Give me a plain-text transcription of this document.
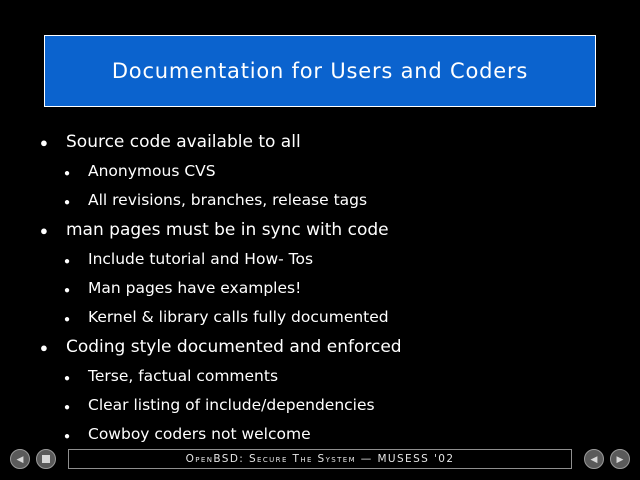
Documentation for Users and Coders
●	Source code available to all
●	Anonymous CVS
●	All revisions, branches, release tags
●	man pages must be in sync with code
●	Include tutorial and How- Tos
●	Man pages have examples!
●	Kernel & library calls fully documented
●	Coding style documented and enforced
●	Terse, factual comments
●	Clear listing of include/dependencies
●	Cowboy coders not welcome
◀	OpenBSD: Secure The System — MUSESS '02	◀ ▶
